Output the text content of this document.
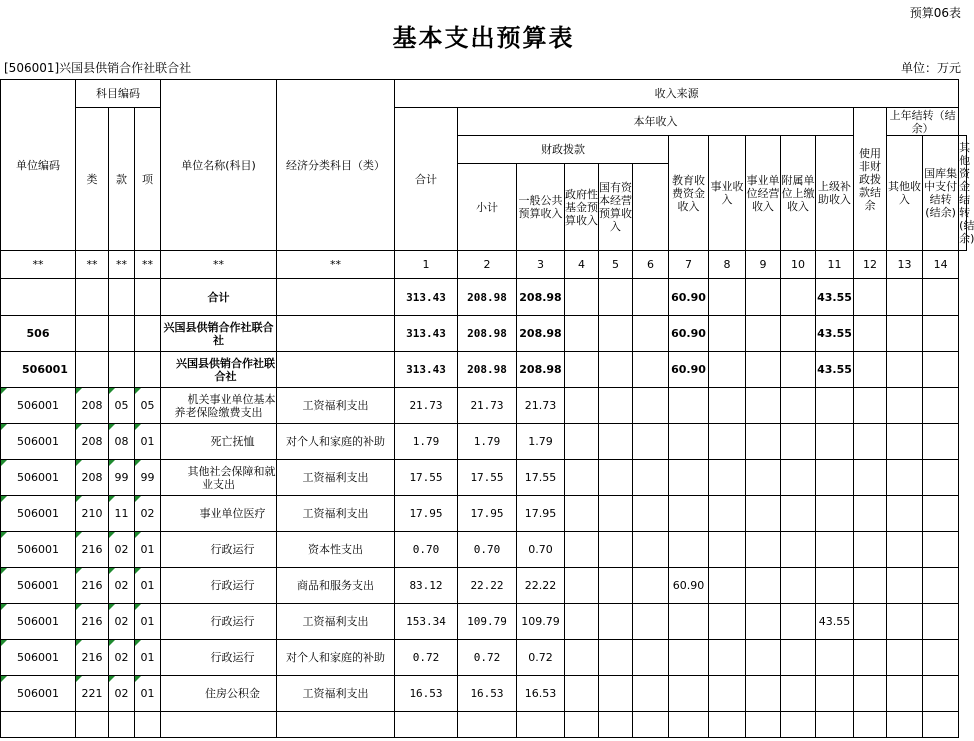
预算06表
基本支出预算表
[506001]兴国县供销合作社联合社	单位：万元
单位编码	科目编码			单位名称(科目)	经济分类科目（类）	收入来源														
	类	款	项			合计	本年收入										使用非财政拨款结余	上年结转（结余）		
							财政拨款					教育收费资金收入	事业收入	事业单位经营收入	附属单位上缴收入	上级补助收入		其他收入	国库集中支付结转(结余)	其他资金结转(结余)
							小计	一般公共预算收入	政府性基金预算收入	国有资本经营预算收入										
**	**	**	**	**	**	1	2	3	4	5	6	7	8	9	10	11	12	13	14	
				合计		313.43	208.98	208.98				60.90				43.55				
506				兴国县供销合作社联合社		313.43	208.98	208.98				60.90				43.55				
506001				兴国县供销合作社联合社		313.43	208.98	208.98				60.90				43.55				
506001	208	05	05	机关事业单位基本养老保险缴费支出	工资福利支出	21.73	21.73	21.73												
506001	208	08	01	死亡抚恤	对个人和家庭的补助	1.79	1.79	1.79												
506001	208	99	99	其他社会保障和就业支出	工资福利支出	17.55	17.55	17.55												
506001	210	11	02	事业单位医疗	工资福利支出	17.95	17.95	17.95												
506001	216	02	01	行政运行	资本性支出	0.70	0.70	0.70												
506001	216	02	01	行政运行	商品和服务支出	83.12	22.22	22.22				60.90								
506001	216	02	01	行政运行	工资福利支出	153.34	109.79	109.79								43.55				
506001	216	02	01	行政运行	对个人和家庭的补助	0.72	0.72	0.72												
506001	221	02	01	住房公积金	工资福利支出	16.53	16.53	16.53												
